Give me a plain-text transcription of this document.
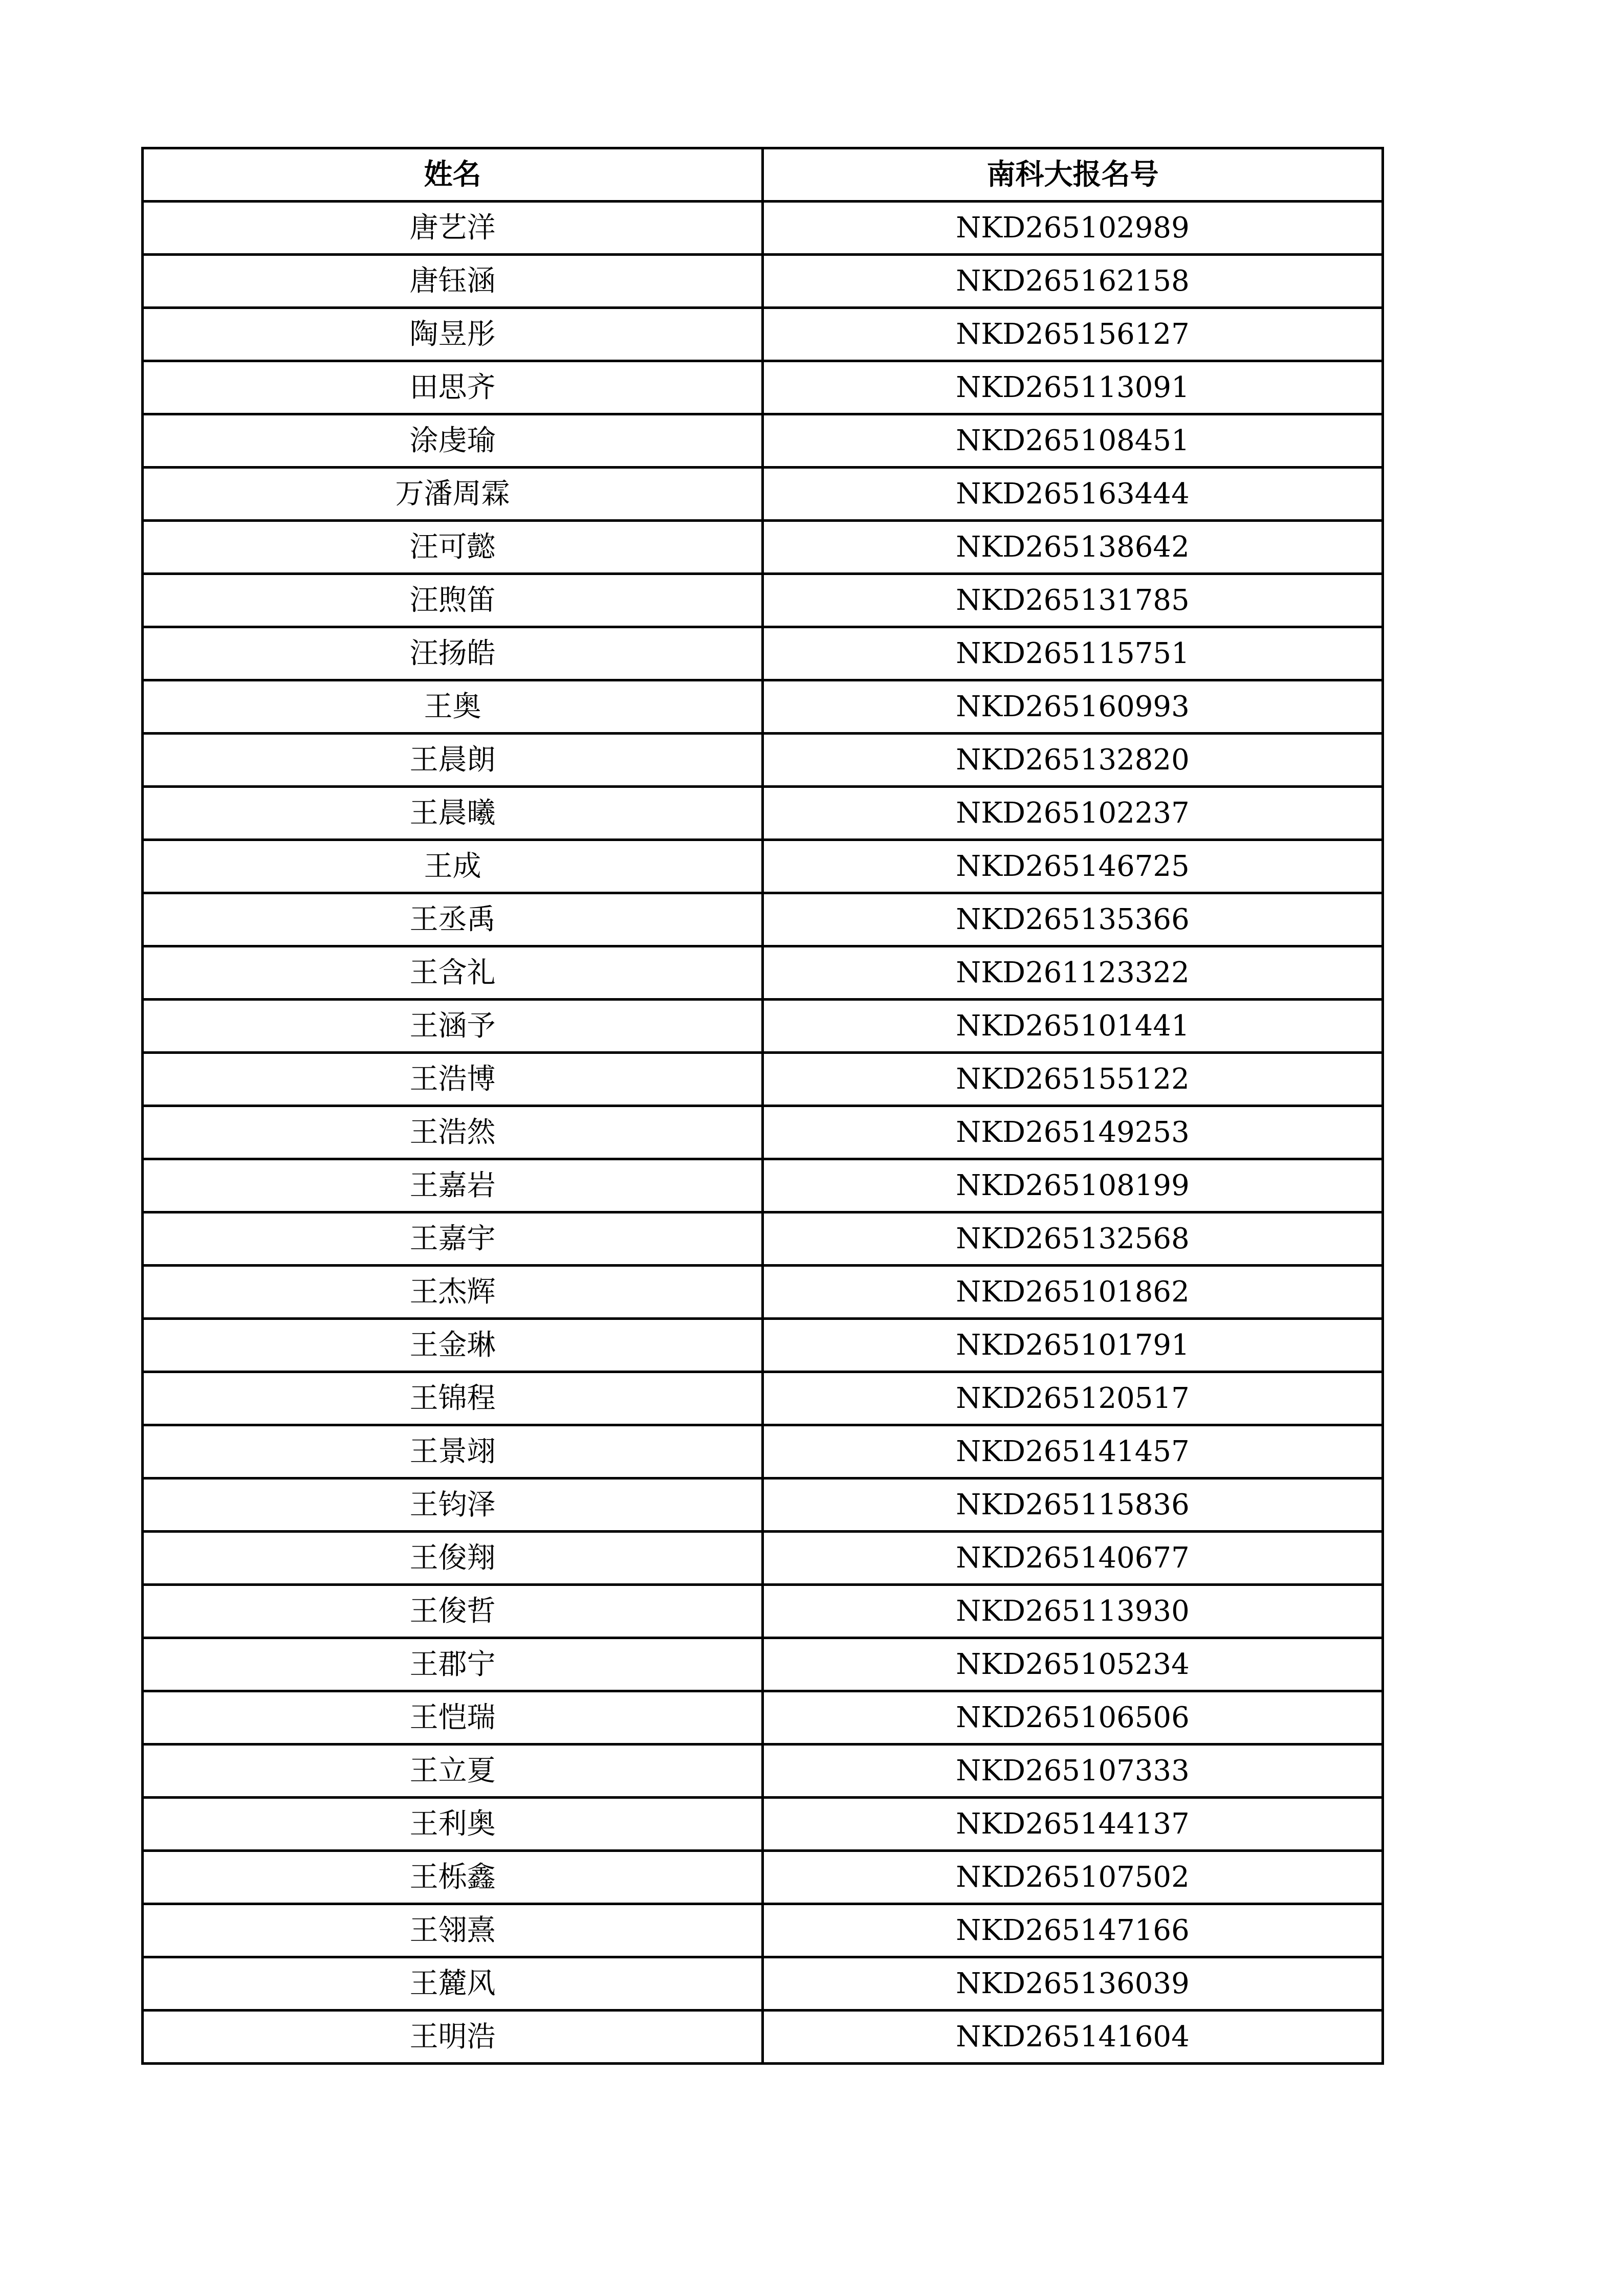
姓名	南科大报名号
唐艺洋	NKD265102989
唐钰涵	NKD265162158
陶昱彤	NKD265156127
田思齐	NKD265113091
涂虔瑜	NKD265108451
万潘周霖	NKD265163444
汪可懿	NKD265138642
汪煦笛	NKD265131785
汪扬皓	NKD265115751
王奥	NKD265160993
王晨朗	NKD265132820
王晨曦	NKD265102237
王成	NKD265146725
王丞禹	NKD265135366
王含礼	NKD261123322
王涵予	NKD265101441
王浩博	NKD265155122
王浩然	NKD265149253
王嘉岩	NKD265108199
王嘉宇	NKD265132568
王杰辉	NKD265101862
王金琳	NKD265101791
王锦程	NKD265120517
王景翊	NKD265141457
王钧泽	NKD265115836
王俊翔	NKD265140677
王俊哲	NKD265113930
王郡宁	NKD265105234
王恺瑞	NKD265106506
王立夏	NKD265107333
王利奥	NKD265144137
王栎鑫	NKD265107502
王翎熹	NKD265147166
王麓风	NKD265136039
王明浩	NKD265141604
